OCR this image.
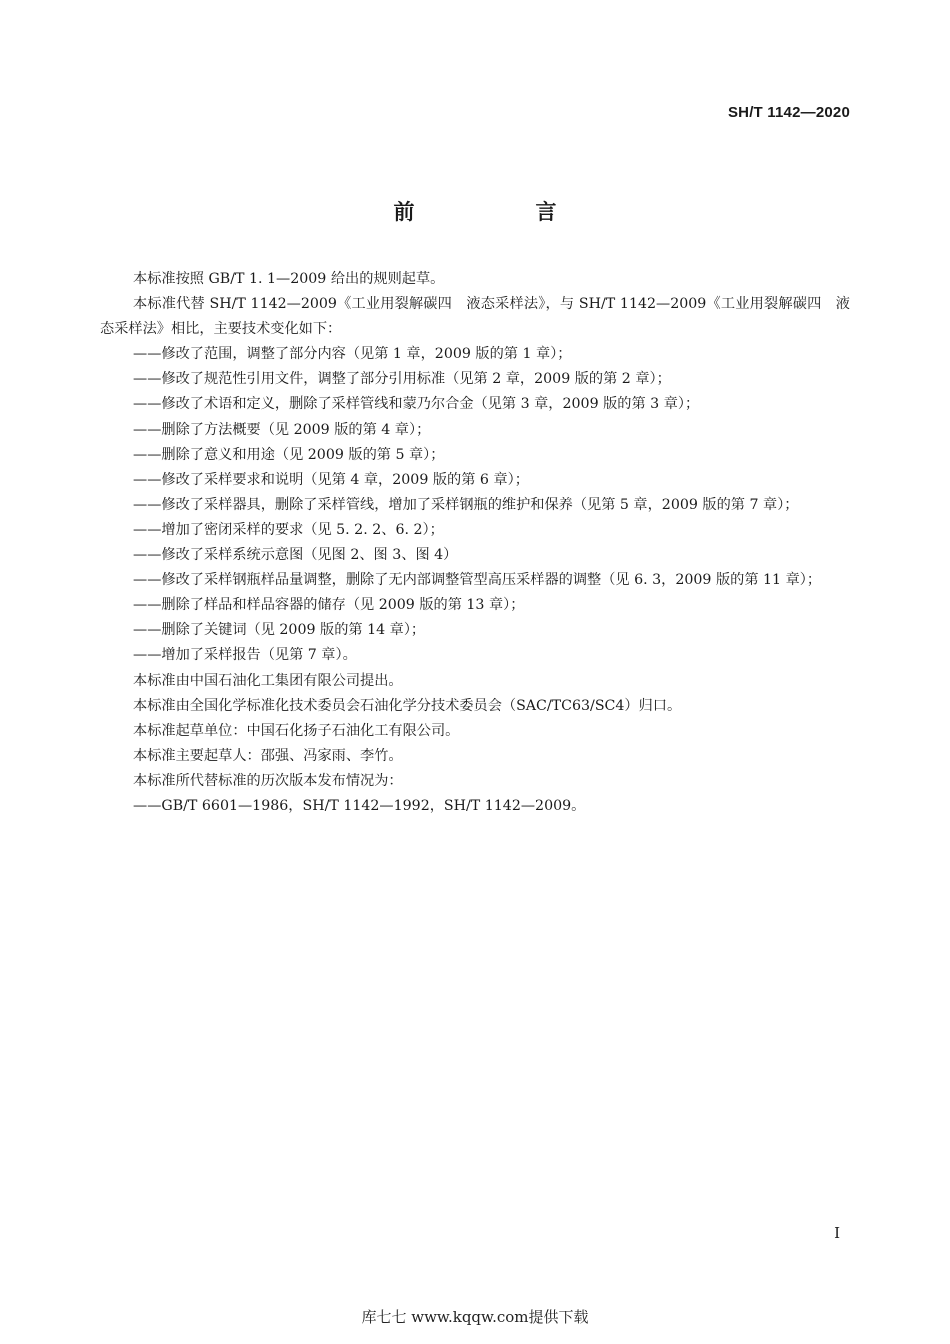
SH/T 1142—2020
前　言

本标准按照 GB/T 1. 1—2009 给出的规则起草。

本标准代替 SH/T 1142—2009《工业用裂解碳四　液态采样法》，与 SH/T 1142—2009《工业用裂解碳四　液态采样法》相比，主要技术变化如下：

——修改了范围，调整了部分内容（见第 1 章，2009 版的第 1 章）；

——修改了规范性引用文件，调整了部分引用标准（见第 2 章，2009 版的第 2 章）；

——修改了术语和定义，删除了采样管线和蒙乃尔合金（见第 3 章，2009 版的第 3 章）；

——删除了方法概要（见 2009 版的第 4 章）；

——删除了意义和用途（见 2009 版的第 5 章）；

——修改了采样要求和说明（见第 4 章，2009 版的第 6 章）；

——修改了采样器具，删除了采样管线，增加了采样钢瓶的维护和保养（见第 5 章，2009 版的第 7 章）；

——增加了密闭采样的要求（见 5. 2. 2、6. 2）；

——修改了采样系统示意图（见图 2、图 3、图 4）

——修改了采样钢瓶样品量调整，删除了无内部调整管型高压采样器的调整（见 6. 3，2009 版的第 11 章）；

——删除了样品和样品容器的储存（见 2009 版的第 13 章）；

——删除了关键词（见 2009 版的第 14 章）；

——增加了采样报告（见第 7 章）。

本标准由中国石油化工集团有限公司提出。

本标准由全国化学标准化技术委员会石油化学分技术委员会（SAC/TC63/SC4）归口。

本标准起草单位：中国石化扬子石油化工有限公司。

本标准主要起草人：邵强、冯家雨、李竹。

本标准所代替标准的历次版本发布情况为：

——GB/T 6601—1986，SH/T 1142—1992，SH/T 1142—2009。

I
库七七 www.kqqw.com提供下载
